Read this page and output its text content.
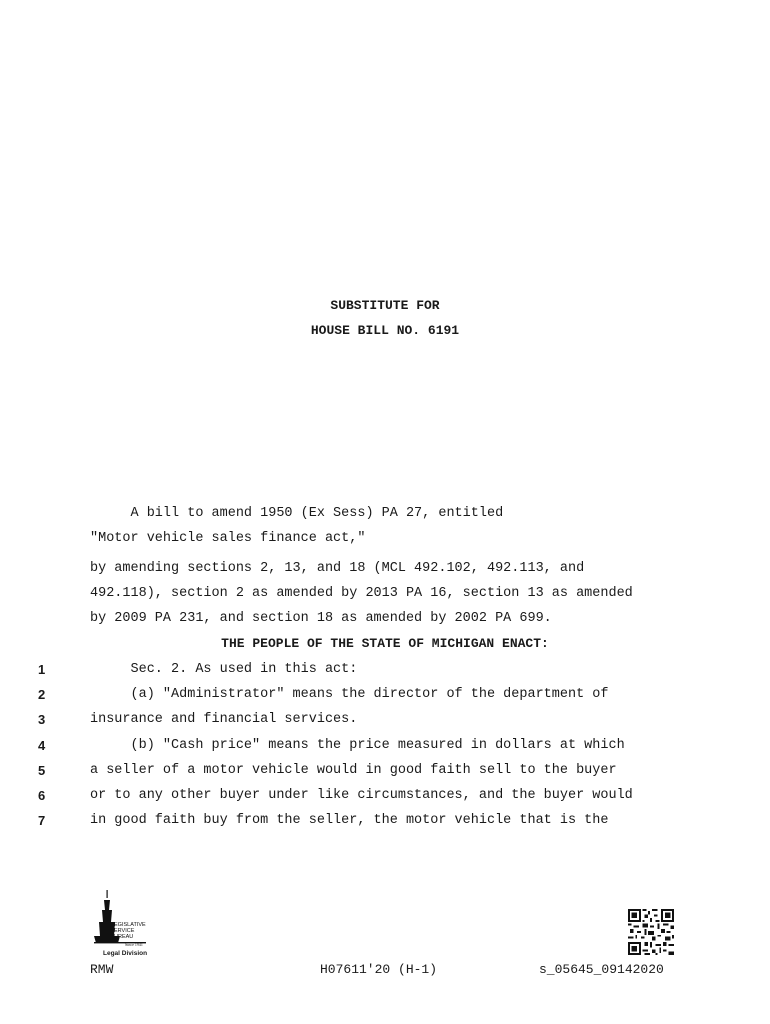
SUBSTITUTE FOR
HOUSE BILL NO. 6191
A bill to amend 1950 (Ex Sess) PA 27, entitled
"Motor vehicle sales finance act,"
by amending sections 2, 13, and 18 (MCL 492.102, 492.113, and
492.118), section 2 as amended by 2013 PA 16, section 13 as amended
by 2009 PA 231, and section 18 as amended by 2002 PA 699.
THE PEOPLE OF THE STATE OF MICHIGAN ENACT:
1	Sec. 2. As used in this act:
2	(a) "Administrator" means the director of the department of
3	insurance and financial services.
4	(b) "Cash price" means the price measured in dollars at which
5	a seller of a motor vehicle would in good faith sell to the buyer
6	or to any other buyer under like circumstances, and the buyer would
7	in good faith buy from the seller, the motor vehicle that is the
EGISLATIVE
ERVICE
UREAU
Since 1941
Legal Division
RMW	H07611'20 (H-1)	s_05645_09142020
